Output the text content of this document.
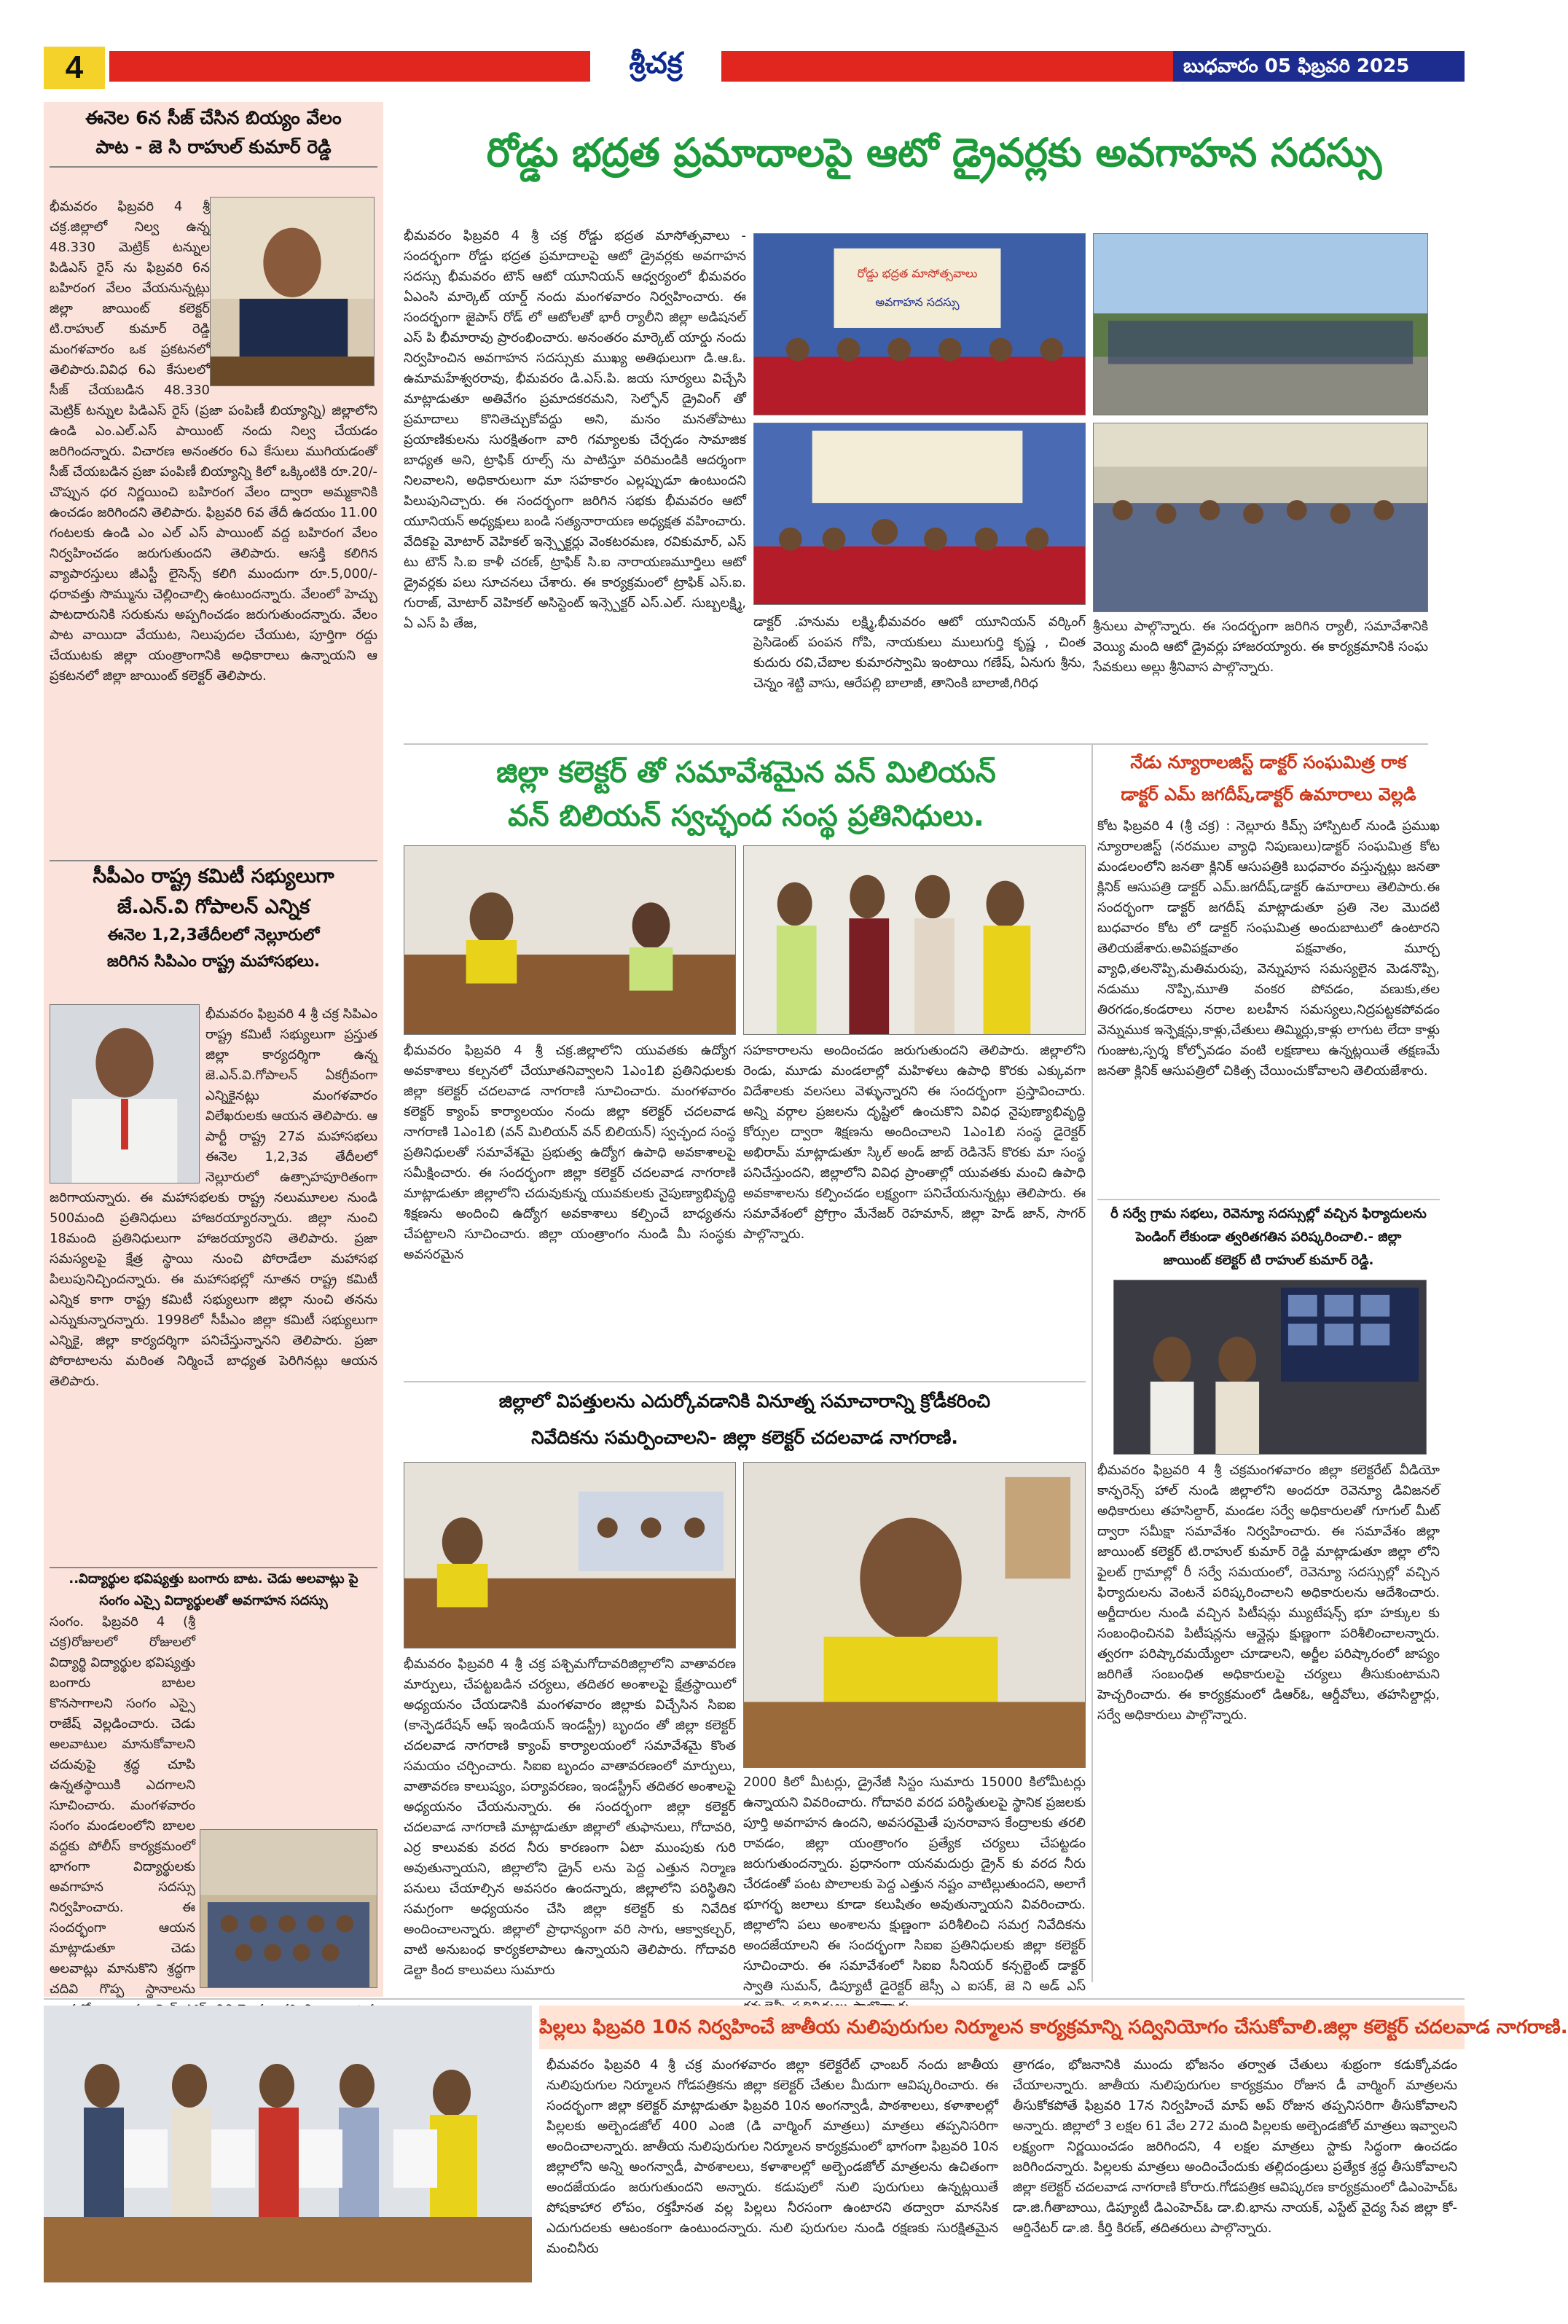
4	శ్రీచక్ర	బుధవారం 05 ఫిబ్రవరి 2025
ఈనెల 6న సీజ్ చేసిన బియ్యం వేలం
పాట - జె సి రాహుల్ కుమార్ రెడ్డి
భీమవరం ఫిబ్రవరి 4 శ్రీ చక్ర.జిల్లాలో నిల్వ ఉన్న 48.330 మెట్రిక్ టన్నుల పిడిఎస్ రైస్ ను ఫిబ్రవరి 6న బహిరంగ వేలం వేయనున్నట్లు జిల్లా జాయింట్ కలెక్టర్ టి.రాహుల్ కుమార్ రెడ్డి మంగళవారం ఒక ప్రకటనలో తెలిపారు.వివిధ 6ఎ కేసులలో సీజ్ చేయబడిన 48.330 మెట్రిక్ టన్నుల పిడిఎస్ రైస్ (ప్రజా పంపిణీ బియ్యాన్ని) జిల్లాలోని ఉండి ఎం.ఎల్.ఎస్ పాయింట్ నందు నిల్వ చేయడం జరిగిందన్నారు. విచారణ అనంతరం 6ఎ కేసులు ముగియడంతో సీజ్ చేయబడిన ప్రజా పంపిణీ బియ్యాన్ని కిలో ఒక్కింటికి రూ.20/- చొప్పున ధర నిర్ణయించి బహిరంగ వేలం ద్వారా అమ్మకానికి ఉంచడం జరిగిందని తెలిపారు. ఫిబ్రవరి 6వ తేదీ ఉదయం 11.00 గంటలకు ఉండి ఎం ఎల్ ఎస్ పాయింట్ వద్ద బహిరంగ వేలం నిర్వహించడం జరుగుతుందని తెలిపారు. ఆసక్తి కలిగిన వ్యాపారస్తులు జీఎస్టీ లైసెన్స్ కలిగి ముందుగా రూ.5,000/- ధరావత్తు సొమ్మును చెల్లించాల్సి ఉంటుందన్నారు. వేలంలో హెచ్చు పాటదారునికి సరుకును అప్పగించడం జరుగుతుందన్నారు. వేలం పాట వాయిదా వేయుట, నిలుపుదల చేయుట, పూర్తిగా రద్దు చేయుటకు జిల్లా యంత్రాంగానికి అధికారాలు ఉన్నాయని ఆ ప్రకటనలో జిల్లా జాయింట్ కలెక్టర్ తెలిపారు.
సీపీఎం రాష్ట్ర కమిటీ సభ్యులుగా
జే.ఎన్.వి గోపాలన్ ఎన్నిక
ఈనెల 1,2,3తేదీలలో నెల్లూరులో
జరిగిన సిపిఎం రాష్ట్ర మహాసభలు.
భీమవరం ఫిబ్రవరి 4 శ్రీ చక్ర సిపిఎం రాష్ట్ర కమిటీ సభ్యులుగా ప్రస్తుత జిల్లా కార్యదర్శిగా ఉన్న జె.ఎన్.వి.గోపాలన్ ఏకగ్రీవంగా ఎన్నికైనట్లు మంగళవారం విలేఖరులకు ఆయన తెలిపారు. ఆ పార్టీ రాష్ట్ర 27వ మహాసభలు ఈనెల 1,2,3వ తేదీలలో నెల్లూరులో ఉత్సాహపూరితంగా జరిగాయన్నారు. ఈ మహాసభలకు రాష్ట్ర నలుమూలల నుండి 500మంది ప్రతినిధులు హాజరయ్యారన్నారు. జిల్లా నుంచి 18మంది ప్రతినిధులుగా హాజరయ్యారని తెలిపారు. ప్రజా సమస్యలపై క్షేత్ర స్థాయి నుంచి పోరాడేలా మహాసభ పిలుపునిచ్చిందన్నారు. ఈ మహాసభల్లో నూతన రాష్ట్ర కమిటీ ఎన్నిక కాగా రాష్ట్ర కమిటీ సభ్యులుగా జిల్లా నుంచి తనను ఎన్నుకున్నారన్నారు. 1998లో సీపీఎం జిల్లా కమిటీ సభ్యులుగా ఎన్నికై, జిల్లా కార్యదర్శిగా పనిచేస్తున్నానని తెలిపారు. ప్రజా పోరాటాలను మరింత నిర్మించే బాధ్యత పెరిగినట్లు ఆయన తెలిపారు.
..విద్యార్థుల భవిష్యత్తు బంగారు బాట. చెడు అలవాట్లు పై
సంగం ఎస్సై విద్యార్థులతో అవగాహన సదస్సు
సంగం. ఫిబ్రవరి 4 (శ్రీ చక్ర)రోజులలో రోజులలో విద్యార్థి విద్యార్థుల భవిష్యత్తు బంగారు బాటల కొనసాగాలని సంగం ఎస్సై రాజేష్ వెల్లడించారు. చెడు అలవాటుల మానుకోవాలని చదువుపై శ్రద్ధ చూపి ఉన్నతస్థాయికి ఎదగాలని సూచించారు. మంగళవారం సంగం మండలంలోని బాలల వద్దకు పోలీస్ కార్యక్రమంలో భాగంగా విద్యార్థులకు అవగాహన సదస్సు నిర్వహించారు. ఈ సందర్భంగా ఆయన మాట్లాడుతూ చెడు అలవాట్లు మానుకొని శ్రద్ధగా చదివి గొప్ప స్థానాలను
రోడ్డు భద్రత ప్రమాదాలపై ఆటో డ్రైవర్లకు అవగాహన సదస్సు
భీమవరం ఫిబ్రవరి 4 శ్రీ చక్ర రోడ్డు భద్రత మాసోత్సవాలు - సందర్భంగా రోడ్డు భద్రత ప్రమాదాలపై ఆటో డ్రైవర్లకు అవగాహన సదస్సు భీమవరం టౌన్ ఆటో యూనియన్ ఆధ్వర్యంలో భీమవరం ఏఎంసి మార్కెట్ యార్డ్ నందు మంగళవారం నిర్వహించారు. ఈ సందర్భంగా జైపాస్ రోడ్ లో ఆటోలతో భారీ ర్యాలీని జిల్లా అడిషనల్ ఎస్ పి భీమారావు ప్రారంభించారు. అనంతరం మార్కెట్ యార్డు నందు నిర్వహించిన అవగాహన సదస్సుకు ముఖ్య అతిథులుగా డి.ఆ.ఓ. ఉమామహేశ్వరరావు, భీమవరం డి.ఎస్.పి. జయ సూర్యలు విచ్చేసి మాట్లాడుతూ అతివేగం ప్రమాదకరమని, సెల్ఫోన్ డ్రైవింగ్ తో ప్రమాదాలు కొనితెచ్చుకోవద్దు అని, మనం మనతోపాటు ప్రయాణికులను సురక్షితంగా వారి గమ్యాలకు చేర్చడం సామాజిక బాధ్యత అని, ట్రాఫిక్ రూల్స్ ను పాటిస్తూ వరిమండికి ఆదర్శంగా నిలవాలని, అధికారులుగా మా సహకారం ఎల్లప్పుడూ ఉంటుందని పిలుపునిచ్చారు. ఈ సందర్భంగా జరిగిన సభకు భీమవరం ఆటో యూనియన్ అధ్యక్షులు బండి సత్యనారాయణ అధ్యక్షత వహించారు. వేదికపై మోటార్ వెహికల్ ఇన్స్పెక్టర్లు వెంకటరమణ, రవికుమార్, ఎస్ టు టౌన్ సి.ఐ కాళీ చరణ్, ట్రాఫిక్ సి.ఐ నారాయణమూర్తిలు ఆటో డ్రైవర్లకు పలు సూచనలు చేశారు. ఈ కార్యక్రమంలో ట్రాఫిక్ ఎస్.ఐ. గురాజ్, మోటార్ వెహికల్ అసిస్టెంట్ ఇన్స్పెక్టర్ ఎస్.ఎల్. సుబ్బలక్ష్మి, ఏ ఎస్ పి తేజ,
రోడ్డు భద్రత మాసోత్సవాలు
అవగాహన సదస్సు
డాక్టర్ .హనుమ లక్ష్మి,భీమవరం ఆటో యూనియన్ వర్కింగ్ ప్రెసిడెంట్ పంపన గోపి, నాయకులు ములుగుర్తి కృష్ణ , చింత కుదురు రవి,చేబాల కుమారస్వామి ఇంటాయి గణేష్, ఏనుగు శ్రీను, చెన్నం శెట్టి వాసు, ఆరేపల్లి బాలాజీ, తానింకి బాలాజీ,గిరిధ
శ్రీనులు పాల్గొన్నారు. ఈ సందర్భంగా జరిగిన ర్యాలీ, సమావేశానికి వెయ్యి మంది ఆటో డ్రైవర్లు హాజరయ్యారు. ఈ కార్యక్రమానికి సంఘ సేవకులు అల్లు శ్రీనివాస పాల్గొన్నారు.
జిల్లా కలెక్టర్ తో సమావేశమైన వన్ మిలియన్
వన్ బిలియన్ స్వచ్ఛంద సంస్థ ప్రతినిధులు.
భీమవరం ఫిబ్రవరి 4 శ్రీ చక్ర.జిల్లాలోని యువతకు ఉద్యోగ అవకాశాలు కల్పనలో చేయూతనివ్వాలని 1ఎం1బి ప్రతినిధులకు జిల్లా కలెక్టర్ చదలవాడ నాగరాణి సూచించారు. మంగళవారం కలెక్టర్ క్యాంప్ కార్యాలయం నందు జిల్లా కలెక్టర్ చదలవాడ నాగరాణి 1ఎం1బి (వన్ మిలియన్ వన్ బిలియన్) స్వచ్ఛంద సంస్థ ప్రతినిధులతో సమావేశమై ప్రభుత్వ ఉద్యోగ ఉపాధి అవకాశాలపై సమీక్షించారు. ఈ సందర్భంగా జిల్లా కలెక్టర్ చదలవాడ నాగరాణి మాట్లాడుతూ జిల్లాలోని చదువుకున్న యువకులకు నైపుణ్యాభివృద్ధి శిక్షణను అందించి ఉద్యోగ అవకాశాలు కల్పించే బాధ్యతను చేపట్టాలని సూచించారు. జిల్లా యంత్రాంగం నుండి మీ సంస్థకు అవసరమైన
సహకారాలను అందించడం జరుగుతుందని తెలిపారు. జిల్లాలోని రెండు, మూడు మండలాల్లో మహిళలు ఉపాధి కొరకు ఎక్కువగా విదేశాలకు వలసలు వెళ్ళున్నారని ఈ సందర్భంగా ప్రస్తావించారు. అన్ని వర్గాల ప్రజలను దృష్టిలో ఉంచుకొని వివిధ నైపుణ్యాభివృద్ధి కోర్సుల ద్వారా శిక్షణను అందించాలని 1ఎం1బి సంస్థ డైరెక్టర్ అభిరామ్ మాట్లాడుతూ స్కిల్ అండ్ జాబ్ రెడినెస్ కొరకు మా సంస్థ పనిచేస్తుందని, జిల్లాలోని వివిధ ప్రాంతాల్లో యువతకు మంచి ఉపాధి అవకాశాలను కల్పించడం లక్ష్యంగా పనిచేయనున్నట్లు తెలిపారు. ఈ సమావేశంలో ప్రోగ్రాం మేనేజర్ రెహమాన్, జిల్లా హెడ్ జాన్, సాగర్ పాల్గొన్నారు.
జిల్లాలో విపత్తులను ఎదుర్కోవడానికి వినూత్న సమాచారాన్ని క్రోడీకరించి
నివేదికను సమర్పించాలని- జిల్లా కలెక్టర్ చదలవాడ నాగరాణి.
భీమవరం ఫిబ్రవరి 4 శ్రీ చక్ర పశ్చిమగోదావరిజిల్లాలోని వాతావరణ మార్పులు, చేపట్టబడిన చర్యలు, తదితర అంశాలపై క్షేత్రస్థాయిలో అధ్యయనం చేయడానికి మంగళవారం జిల్లాకు విచ్చేసిన సిఐఐ (కాన్ఫెడరేషన్ ఆఫ్ ఇండియన్ ఇండస్ట్రీ) బృందం తో జిల్లా కలెక్టర్ చదలవాడ నాగరాణి క్యాంప్ కార్యాలయంలో సమావేశమై కొంత సమయం చర్చించారు. సిఐఐ బృందం వాతావరణంలో మార్పులు, వాతావరణ కాలుష్యం, పర్యావరణం, ఇండస్ట్రీస్ తదితర అంశాలపై అధ్యయనం చేయనున్నారు. ఈ సందర్భంగా జిల్లా కలెక్టర్ చదలవాడ నాగరాణి మాట్లాడుతూ జిల్లాలో తుఫానులు, గోదావరి, ఎర్ర కాలువకు వరద నీరు కారణంగా ఏటా ముంపుకు గురి అవుతున్నాయని, జిల్లాలోని డ్రైన్ లను పెద్ద ఎత్తున నిర్మాణ పనులు చేయాల్సిన అవసరం ఉందన్నారు, జిల్లాలోని పరిస్థితిని సమగ్రంగా అధ్యయనం చేసి జిల్లా కలెక్టర్ కు నివేదిక అందించాలన్నారు. జిల్లాలో ప్రాధాన్యంగా వరి సాగు, ఆక్వాకల్చర్, వాటి అనుబంధ కార్యకలాపాలు ఉన్నాయని తెలిపారు. గోదావరి డెల్టా కింద కాలువలు సుమారు
2000 కిలో మీటర్లు, డ్రైనేజీ సిస్టం సుమారు 15000 కిలోమీటర్లు ఉన్నాయని వివరించారు. గోదావరి వరద పరిస్థితులపై స్థానిక ప్రజలకు పూర్తి అవగాహన ఉందని, అవసరమైతే పునరావాస కేంద్రాలకు తరలి రావడం, జిల్లా యంత్రాంగం ప్రత్యేక చర్యలు చేపట్టడం జరుగుతుందన్నారు. ప్రధానంగా యనమదుర్రు డ్రైన్ కు వరద నీరు చేరడంతో పంట పొలాలకు పెద్ద ఎత్తున నష్టం వాటిల్లుతుందని, అలాగే భూగర్భ జలాలు కూడా కలుషితం అవుతున్నాయని వివరించారు. జిల్లాలోని పలు అంశాలను క్షుణ్ణంగా పరిశీలించి సమగ్ర నివేదికను అందజేయాలని ఈ సందర్భంగా సిఐఐ ప్రతినిధులకు జిల్లా కలెక్టర్ సూచించారు. ఈ సమావేశంలో సిఐఐ సీనియర్ కన్సల్టెంట్ డాక్టర్ స్వాతి సుమన్, డిప్యూటీ డైరెక్టర్ జెస్సీ ఎ ఐసక్, జె ని అడ్ ఎస్
నేడు న్యూరాలజిస్ట్ డాక్టర్ సంఘమిత్ర రాక
డాక్టర్ ఎమ్ జగదీష్,డాక్టర్ ఉమారాలు వెల్లడి
కోట ఫిబ్రవరి 4 (శ్రీ చక్ర) : నెల్లూరు కిమ్స్ హాస్పిటల్ నుండి ప్రముఖ న్యూరాలజిస్ట్ (నరముల వ్యాధి నిపుణులు)డాక్టర్ సంఘమిత్ర కోట మండలంలోని జనతా క్లినిక్ ఆసుపత్రికి బుధవారం వస్తున్నట్లు జనతా క్లినిక్ ఆసుపత్రి డాక్టర్ ఎమ్.జగదీష్,డాక్టర్ ఉమారాలు తెలిపారు.ఈ సందర్భంగా డాక్టర్ జగదీష్ మాట్లాడుతూ ప్రతి నెల మొదటి బుధవారం కోట లో డాక్టర్ సంఘమిత్ర అందుబాటులో ఉంటారని తెలియజేశారు.అవిపక్షవాతం పక్షవాతం, మూర్చ వ్యాధి,తలనొప్పి,మతిమరుపు, వెన్నుపూస సమస్యలైన మెడనొప్పి, నడుము నొప్పి,మూతి వంకర పోవడం, వణుకు,తల తిరగడం,కండరాలు నరాల బలహీన సమస్యలు,నిద్రపట్టకపోవడం వెన్నుముక ఇన్ఫెక్షన్లు,కాళ్లు,చేతులు తిమ్మిర్లు,కాళ్లు లాగుట లేదా కాళ్లు గుంజుట,స్పర్శ కోల్పోవడం వంటి లక్షణాలు ఉన్నట్లయితే తక్షణమే జనతా క్లినిక్ ఆసుపత్రిలో చికిత్స చేయించుకోవాలని తెలియజేశారు.
రీ సర్వే గ్రామ సభలు, రెవెన్యూ సదస్సుల్లో వచ్చిన ఫిర్యాదులను
పెండింగ్ లేకుండా త్వరితగతిన పరిష్కరించాలి.- జిల్లా
జాయింట్ కలెక్టర్ టి రాహుల్ కుమార్ రెడ్డి.
భీమవరం ఫిబ్రవరి 4 శ్రీ చక్రమంగళవారం జిల్లా కలెక్టరేట్ వీడియో కాన్ఫరెన్స్ హాల్ నుండి జిల్లాలోని అందరూ రెవెన్యూ డివిజనల్ అధికారులు తహసిల్దార్, మండల సర్వే అధికారులతో గూగుల్ మీట్ ద్వారా సమీక్షా సమావేశం నిర్వహించారు. ఈ సమావేశం జిల్లా జాయింట్ కలెక్టర్ టి.రాహుల్ కుమార్ రెడ్డి మాట్లాడుతూ జిల్లా లోని ఫైలట్ గ్రామాల్లో రీ సర్వే సమయంలో, రెవెన్యూ సదస్సుల్లో వచ్చిన ఫిర్యాదులను వెంటనే పరిష్కరించాలని అధికారులను ఆదేశించారు. అర్జీదారుల నుండి వచ్చిన పిటీషన్లు మ్యుటేషన్స్ భూ హక్కుల కు సంబంధించినవి పిటీషన్లను ఆన్లైన్లు క్షుణ్ణంగా పరిశీలించాలన్నారు. త్వరగా పరిష్కారమయ్యేలా చూడాలని, అర్జీల పరిష్కారంలో జాప్యం జరిగితే సంబంధిత అధికారులపై చర్యలు తీసుకుంటామని హెచ్చరించారు. ఈ కార్యక్రమంలో డిఆర్ఓ, ఆర్డీవోలు, తహసిల్దార్లు, సర్వే అధికారులు పాల్గొన్నారు.
పిల్లలు ఫిబ్రవరి 10న నిర్వహించే జాతీయ నులిపురుగుల నిర్మూలన కార్యక్రమాన్ని సద్వినియోగం చేసుకోవాలి.జిల్లా కలెక్టర్ చదలవాడ నాగరాణి.
భీమవరం ఫిబ్రవరి 4 శ్రీ చక్ర మంగళవారం జిల్లా కలెక్టరేట్ ఛాంబర్ నందు జాతీయ నులిపురుగుల నిర్మూలన గోడపత్రికను జిల్లా కలెక్టర్ చేతుల మీదుగా ఆవిష్కరించారు. ఈ సందర్భంగా జిల్లా కలెక్టర్ మాట్లాడుతూ ఫిబ్రవరి 10న అంగన్వాడీ, పాఠశాలలు, కళాశాలల్లో పిల్లలకు అల్బెండజోల్ 400 ఎంజి (డి వార్మింగ్ మాత్రలు) మాత్రలు తప్పనిసరిగా అందించాలన్నారు. జాతీయ నులిపురుగుల నిర్మూలన కార్యక్రమంలో భాగంగా ఫిబ్రవరి 10న జిల్లాలోని అన్ని అంగన్వాడీ, పాఠశాలలు, కళాశాలల్లో అల్బెండజోల్ మాత్రలను ఉచితంగా అందజేయడం జరుగుతుందని అన్నారు. కడుపులో నులి పురుగులు ఉన్నట్లయితే పోషకాహార లోపం, రక్తహీనత వల్ల పిల్లలు నీరసంగా ఉంటారని తద్వారా మానసిక ఎదుగుదలకు ఆటంకంగా ఉంటుందన్నారు. నులి పురుగుల నుండి రక్షణకు సురక్షితమైన మంచినీరు
త్రాగడం, భోజనానికి ముందు భోజనం తర్వాత చేతులు శుభ్రంగా కడుక్కోవడం చేయాలన్నారు. జాతీయ నులిపురుగుల కార్యక్రమం రోజున డీ వార్మింగ్ మాత్రలను తీసుకోకపోతే ఫిబ్రవరి 17న నిర్వహించే మాప్ అప్ రోజున తప్పనిసరిగా తీసుకోవాలని అన్నారు. జిల్లాలో 3 లక్షల 61 వేల 272 మంది పిల్లలకు అల్బెండజోల్ మాత్రలు ఇవ్వాలని లక్ష్యంగా నిర్ణయించడం జరిగిందని, 4 లక్షల మాత్రలు స్టాకు సిద్ధంగా ఉంచడం జరిగిందన్నారు. పిల్లలకు మాత్రలు అందించేందుకు తల్లిదండ్రులు ప్రత్యేక శ్రద్ధ తీసుకోవాలని జిల్లా కలెక్టర్ చదలవాడ నాగరాణి కోరారు.గోడపత్రిక ఆవిష్కరణ కార్యక్రమంలో డిఎంహెచ్ఓ డా.జి.గీతాబాయి, డిప్యూటీ డిఎంహెచ్ఓ డా.బి.భాను నాయక్, ఎస్టేట్ వైద్య సేవ జిల్లా కో-ఆర్డినేటర్ డా.జి. కీర్తి కిరణ్, తదితరులు పాల్గొన్నారు.
